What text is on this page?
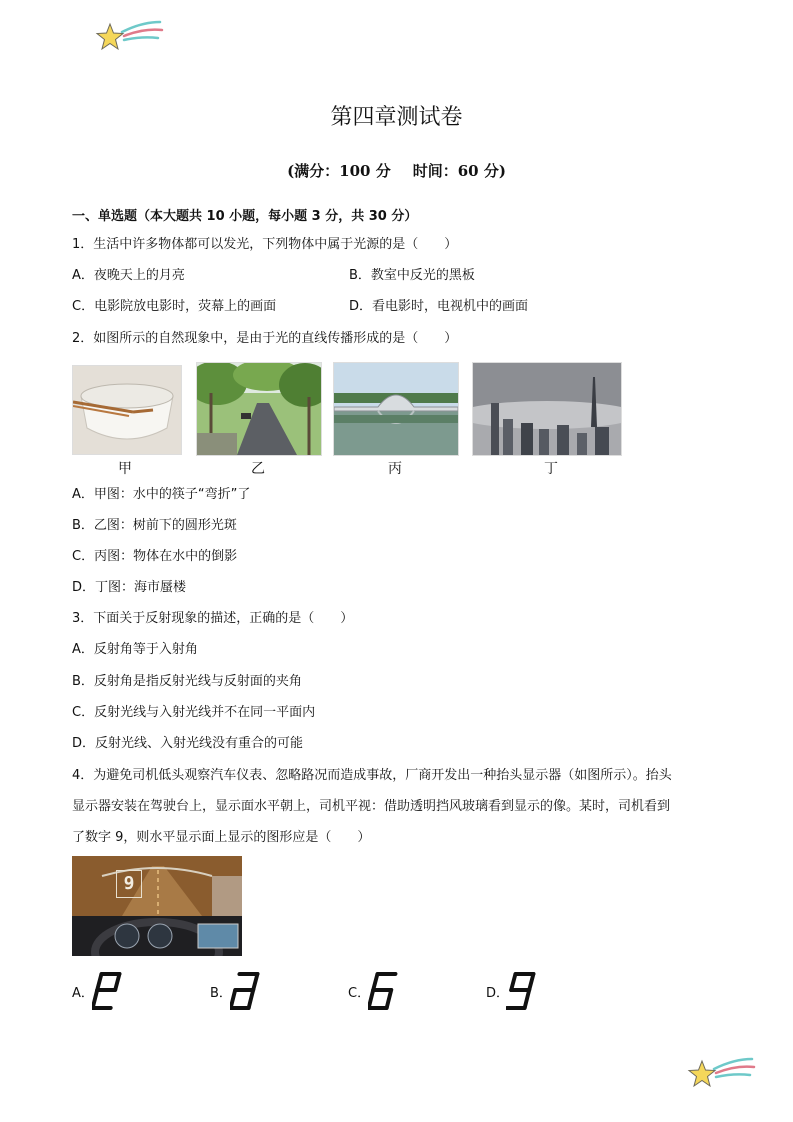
第四章测试卷
(满分：100 分 时间：60 分)
一、单选题（本大题共 10 小题，每小题 3 分，共 30 分）
1．生活中许多物体都可以发光，下列物体中属于光源的是（　　）
A．夜晚天上的月亮	B．教室中反光的黑板
C．电影院放电影时，荧幕上的画面	D．看电影时，电视机中的画面
2．如图所示的自然现象中，是由于光的直线传播形成的是（　　）
甲	乙	丙	丁
A．甲图：水中的筷子“弯折”了
B．乙图：树前下的圆形光斑
C．丙图：物体在水中的倒影
D．丁图：海市蜃楼
3．下面关于反射现象的描述，正确的是（　　）
A．反射角等于入射角
B．反射角是指反射光线与反射面的夹角
C．反射光线与入射光线并不在同一平面内
D．反射光线、入射光线没有重合的可能
4．为避免司机低头观察汽车仪表、忽略路况而造成事故，厂商开发出一种抬头显示器（如图所示）。抬头
显示器安装在驾驶台上，显示面水平朝上，司机平视：借助透明挡风玻璃看到显示的像。某时，司机看到
了数字 9，则水平显示面上显示的图形应是（　　）
9
A．	B．	C．	D．
